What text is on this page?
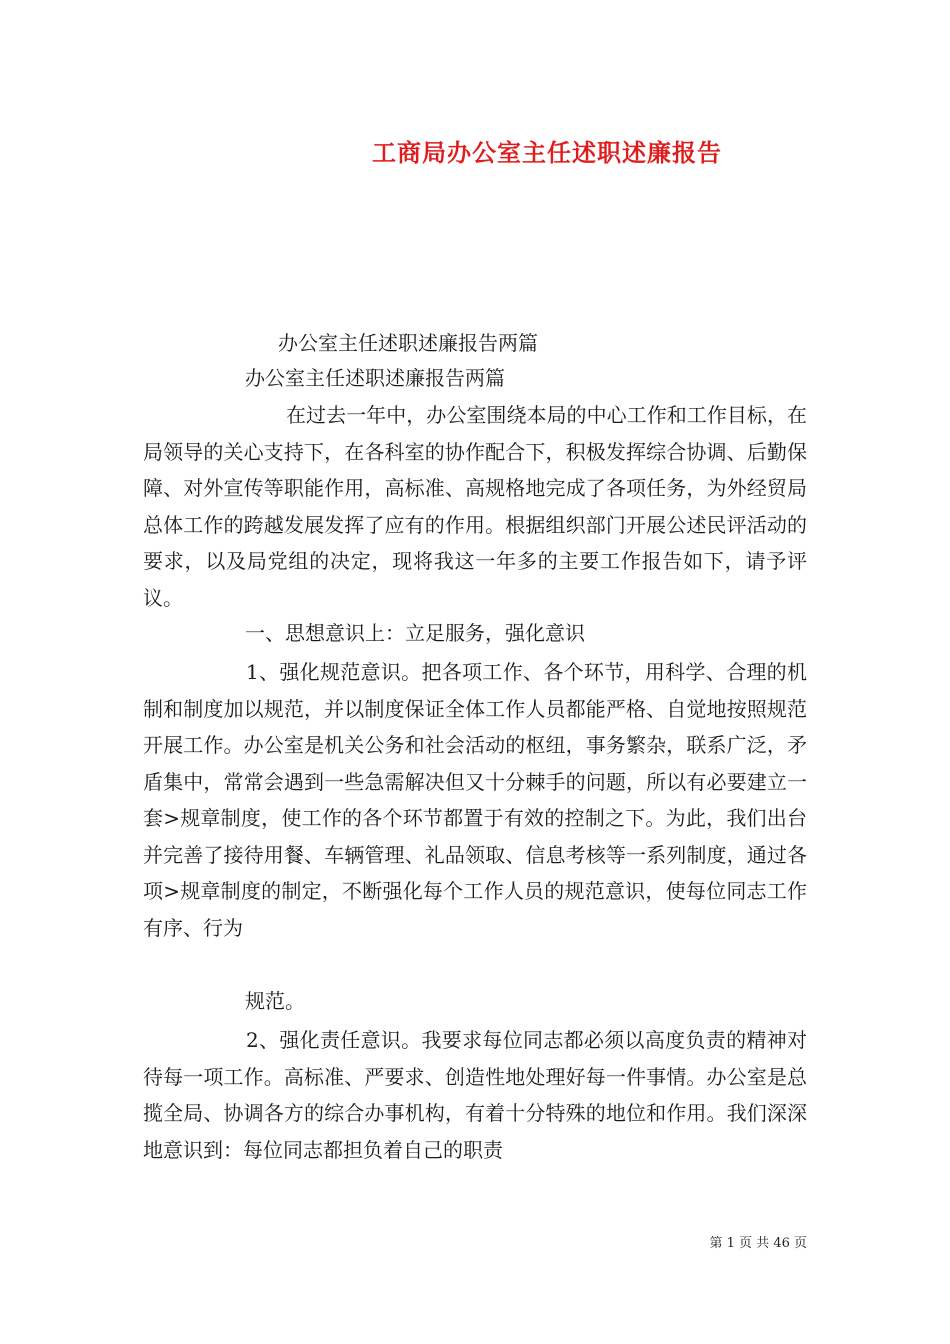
工商局办公室主任述职述廉报告
办公室主任述职述廉报告两篇
办公室主任述职述廉报告两篇

在过去一年中，办公室围绕本局的中心工作和工作目标，在局领导的关心支持下，在各科室的协作配合下，积极发挥综合协调、后勤保障、对外宣传等职能作用，高标准、高规格地完成了各项任务，为外经贸局总体工作的跨越发展发挥了应有的作用。根据组织部门开展公述民评活动的要求，以及局党组的决定，现将我这一年多的主要工作报告如下，请予评议。

一、思想意识上：立足服务，强化意识

1、强化规范意识。把各项工作、各个环节，用科学、合理的机制和制度加以规范，并以制度保证全体工作人员都能严格、自觉地按照规范开展工作。办公室是机关公务和社会活动的枢纽，事务繁杂，联系广泛，矛盾集中，常常会遇到一些急需解决但又十分棘手的问题，所以有必要建立一套>规章制度，使工作的各个环节都置于有效的控制之下。为此，我们出台并完善了接待用餐、车辆管理、礼品领取、信息考核等一系列制度，通过各项>规章制度的制定，不断强化每个工作人员的规范意识，使每位同志工作有序、行为

规范。

2、强化责任意识。我要求每位同志都必须以高度负责的精神对待每一项工作。高标准、严要求、创造性地处理好每一件事情。办公室是总揽全局、协调各方的综合办事机构，有着十分特殊的地位和作用。我们深深地意识到：每位同志都担负着自己的职责

第 1 页 共 46 页
